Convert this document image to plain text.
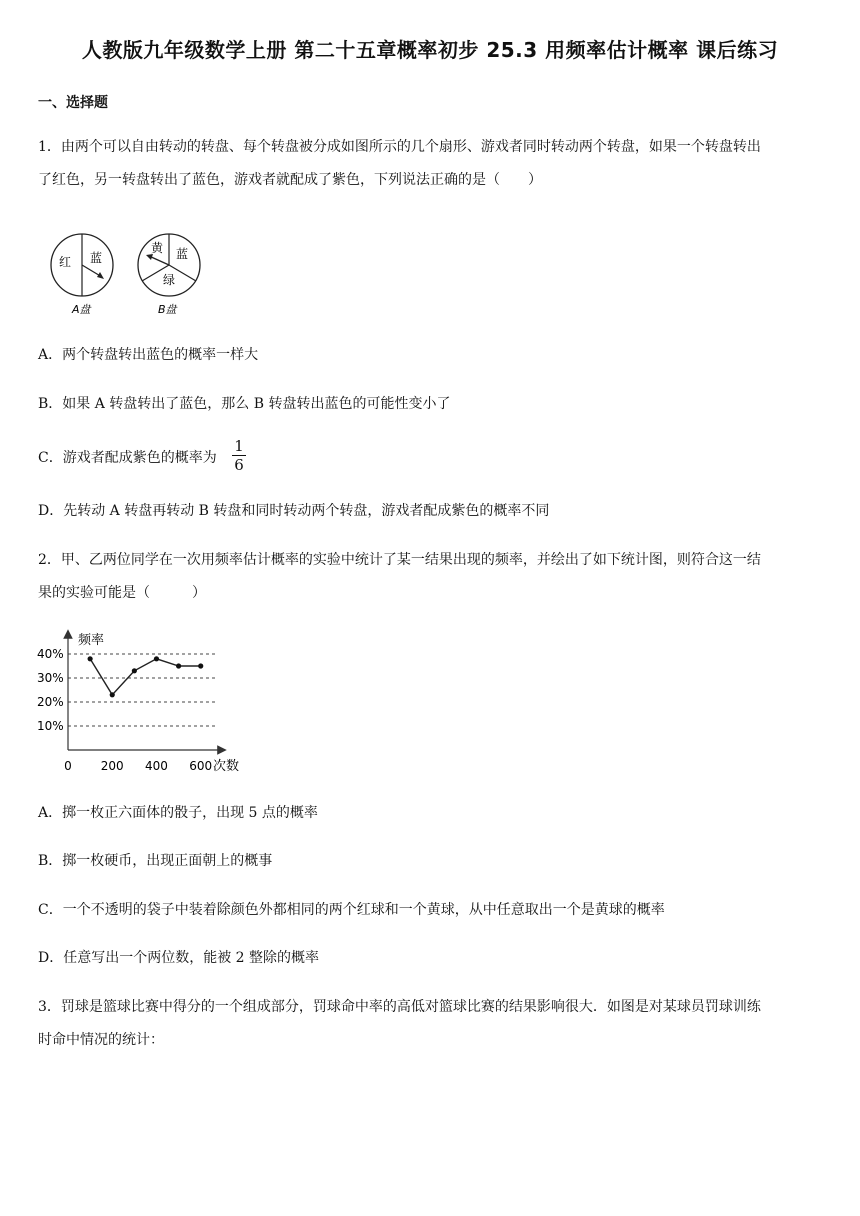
人教版九年级数学上册 第二十五章概率初步 25.3 用频率估计概率 课后练习
一、选择题
1．由两个可以自由转动的转盘、每个转盘被分成如图所示的几个扇形、游戏者同时转动两个转盘，如果一个转盘转出
了红色，另一转盘转出了蓝色，游戏者就配成了紫色，下列说法正确的是（　　）
红 蓝
A盘
黄 蓝
绿
B盘
A．两个转盘转出蓝色的概率一样大
B．如果 A 转盘转出了蓝色，那么 B 转盘转出蓝色的可能性变小了
C．游戏者配成紫色的概率为
1
6
D．先转动 A 转盘再转动 B 转盘和同时转动两个转盘，游戏者配成紫色的概率不同
2．甲、乙两位同学在一次用频率估计概率的实验中统计了某一结果出现的频率，并绘出了如下统计图，则符合这一结
果的实验可能是（　　　）
频率
次数
10%
20%
30%
40%
0 200 400 600
A．掷一枚正六面体的骰子，出现 5 点的概率
B．掷一枚硬币，出现正面朝上的概事
C．一个不透明的袋子中装着除颜色外都相同的两个红球和一个黄球，从中任意取出一个是黄球的概率
D．任意写出一个两位数，能被 2 整除的概率
3．罚球是篮球比赛中得分的一个组成部分，罚球命中率的高低对篮球比赛的结果影响很大．如图是对某球员罚球训练
时命中情况的统计：
